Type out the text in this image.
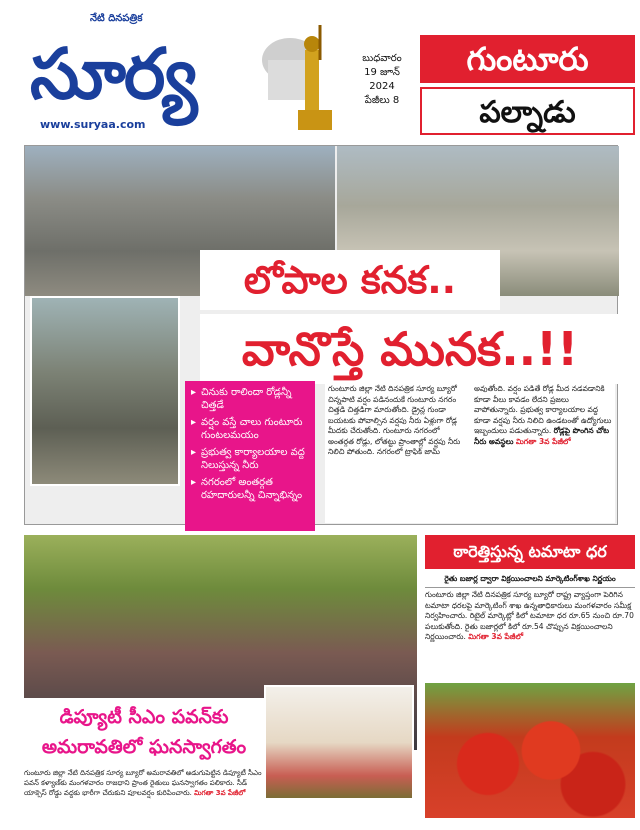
నేటి దినపత్రిక
సూర్య
www.suryaa.com
బుధవారం
19 జూన్
2024
పేజీలు 8
గుంటూరు
పల్నాడు
లోపాల కనక..
వానొస్తే మునక..!!
▸ చినుకు రాలిందా రోడ్లన్నీ చిత్తడే
▸ వర్షం వస్తే చాలు గుంటూరు గుంటలమయం
▸ ప్రభుత్వ కార్యాలయాల వద్ద నిలుస్తున్న నీరు
▸ నగరంలో అంతర్గత రహదారులన్నీ చిన్నాభిన్నం
గుంటూరు జిల్లా నేటి దినపత్రిక సూర్య బ్యూరో చిన్నపాటి వర్షం పడినందుకే గుంటూరు నగరం చిత్తడి చిత్తడిగా మారుతోంది. డ్రైన్ల గుండా బయటకు పోవాల్సిన వర్షపు నీరు ఏళ్లుగా రోడ్ల మీదకు చేరుతోంది. గుంటూరు నగరంలో అంతర్గత రోడ్లు, లోతట్టు ప్రాంతాల్లో వర్షపు నీరు నిలిచి పోతుంది. నగరంలో ట్రాఫిక్ జామ్ అవుతోంది. వర్షం పడితే రోడ్ల మీద నడవడానికి కూడా వీలు కావడం లేదని ప్రజలు వాపోతున్నారు. ప్రభుత్వ కార్యాలయాల వద్ద కూడా వర్షపు నీరు నిలిచి ఉండటంతో ఉద్యోగులు ఇబ్బందులు పడుతున్నారు. రోడ్లపై పొంగిన చోట నీరు అవస్థలు మిగతా 3వ పేజీలో
డిప్యూటీ సీఎం పవన్‌కు అమరావతిలో ఘనస్వాగతం
గుంటూరు జిల్లా నేటి దినపత్రిక సూర్య బ్యూరో అమరావతిలో అడుగుపెట్టిన డిప్యూటీ సీఎం పవన్ కళ్యాణ్‌కు మంగళవారం రాజధాని ప్రాంత రైతులు ఘనస్వాగతం పలికారు. సీడ్ యాక్సెస్ రోడ్డు వద్దకు భారీగా చేరుకుని పూలవర్షం కురిపించారు. మిగతా 3వ పేజీలో
ఠారెత్తిస్తున్న టమాటా ధర
రైతు బజార్ల ద్వారా విక్రయించాలని మార్కెటింగ్‌శాఖ నిర్ణయం
గుంటూరు జిల్లా నేటి దినపత్రిక సూర్య బ్యూరో రాష్ట్ర వ్యాప్తంగా పెరిగిన టమాటా ధరలపై మార్కెటింగ్ శాఖ ఉన్నతాధికారులు మంగళవారం సమీక్ష నిర్వహించారు. రిటైల్ మార్కెట్లో కిలో టమాటా ధర రూ.65 నుంచి రూ.70 పలుకుతోంది. రైతు బజార్లలో కిలో రూ.54 చొప్పున విక్రయించాలని నిర్ణయించారు. మిగతా 3వ పేజీలో
